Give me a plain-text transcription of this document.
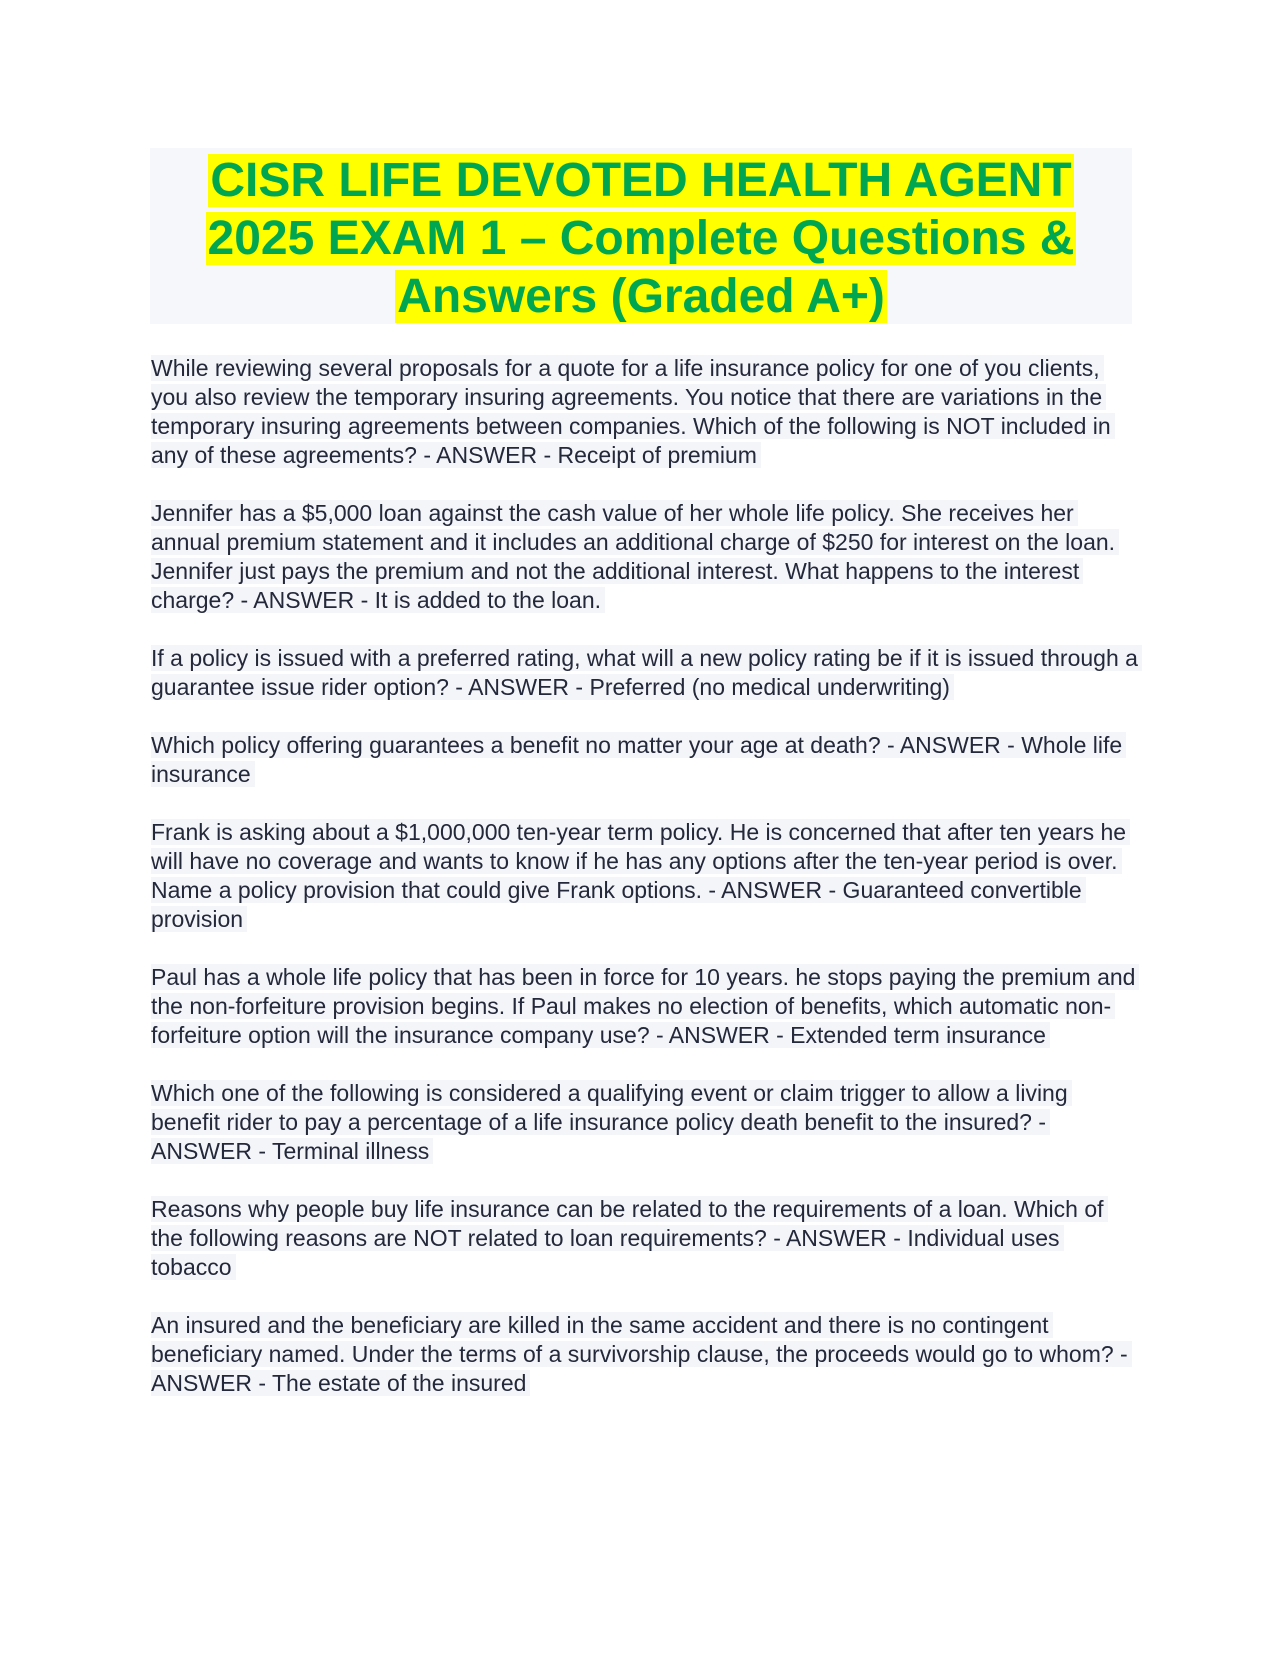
CISR LIFE DEVOTED HEALTH AGENT 2025 EXAM 1 – Complete Questions & Answers (Graded A+)

While reviewing several proposals for a quote for a life insurance policy for one of you clients, you also review the temporary insuring agreements. You notice that there are variations in the temporary insuring agreements between companies. Which of the following is NOT included in any of these agreements? - ANSWER - Receipt of premium

Jennifer has a $5,000 loan against the cash value of her whole life policy. She receives her annual premium statement and it includes an additional charge of $250 for interest on the loan. Jennifer just pays the premium and not the additional interest. What happens to the interest charge? - ANSWER - It is added to the loan.

If a policy is issued with a preferred rating, what will a new policy rating be if it is issued through a guarantee issue rider option? - ANSWER - Preferred (no medical underwriting)

Which policy offering guarantees a benefit no matter your age at death? - ANSWER - Whole life insurance

Frank is asking about a $1,000,000 ten-year term policy. He is concerned that after ten years he will have no coverage and wants to know if he has any options after the ten-year period is over. Name a policy provision that could give Frank options. - ANSWER - Guaranteed convertible provision

Paul has a whole life policy that has been in force for 10 years. he stops paying the premium and the non-forfeiture provision begins. If Paul makes no election of benefits, which automatic non-forfeiture option will the insurance company use? - ANSWER - Extended term insurance

Which one of the following is considered a qualifying event or claim trigger to allow a living benefit rider to pay a percentage of a life insurance policy death benefit to the insured? - ANSWER - Terminal illness

Reasons why people buy life insurance can be related to the requirements of a loan. Which of the following reasons are NOT related to loan requirements? - ANSWER - Individual uses tobacco

An insured and the beneficiary are killed in the same accident and there is no contingent beneficiary named. Under the terms of a survivorship clause, the proceeds would go to whom? - ANSWER - The estate of the insured
